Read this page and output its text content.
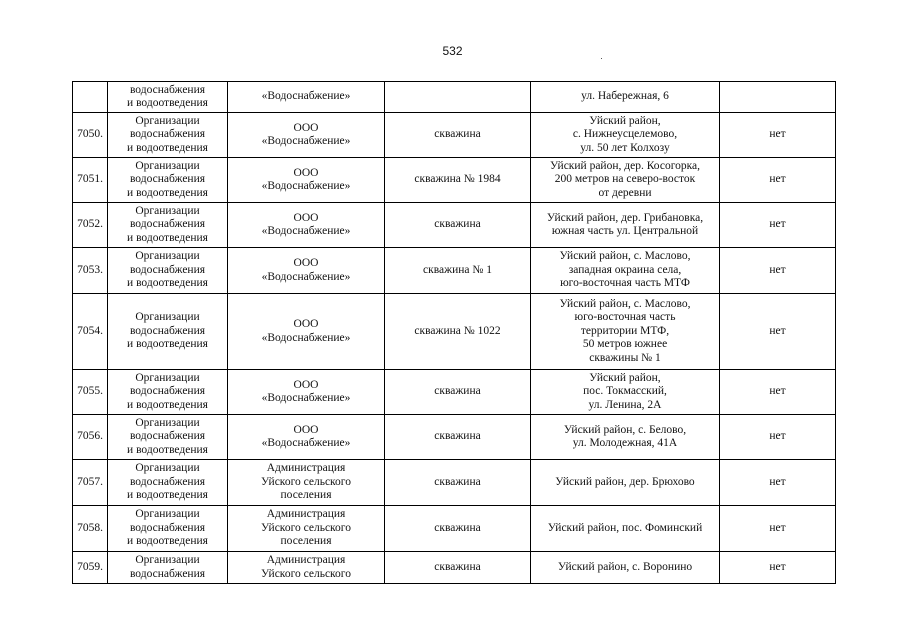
532

	водоснабжения
и водоотведения	«Водоснабжение»		ул. Набережная, 6	

7050.	Организации
водоснабжения
и водоотведения	ООО
«Водоснабжение»	скважина	Уйский район,
с. Нижнеусцелемово,
ул. 50 лет Колхозу	нет
7051.	Организации
водоснабжения
и водоотведения	ООО
«Водоснабжение»	скважина № 1984	Уйский район, дер. Косогорка,
200 метров на северо-восток
от деревни	нет
7052.	Организации
водоснабжения
и водоотведения	ООО
«Водоснабжение»	скважина	Уйский район, дер. Грибановка,
южная часть ул. Центральной	нет
7053.	Организации
водоснабжения
и водоотведения	ООО
«Водоснабжение»	скважина № 1	Уйский район, с. Маслово,
западная окраина села,
юго-восточная часть МТФ	нет
7054.	Организации
водоснабжения
и водоотведения	ООО
«Водоснабжение»	скважина № 1022	Уйский район, с. Маслово,
юго-восточная часть
территории МТФ,
50 метров южнее
скважины № 1	нет
7055.	Организации
водоснабжения
и водоотведения	ООО
«Водоснабжение»	скважина	Уйский район,
пос. Токмасский,
ул. Ленина, 2А	нет
7056.	Организации
водоснабжения
и водоотведения	ООО
«Водоснабжение»	скважина	Уйский район, с. Белово,
ул. Молодежная, 41А	нет
7057.	Организации
водоснабжения
и водоотведения	Администрация
Уйского сельского
поселения	скважина	Уйский район, дер. Брюхово	нет
7058.	Организации
водоснабжения
и водоотведения	Администрация
Уйского сельского
поселения	скважина	Уйский район, пос. Фоминский	нет
7059.	Организации
водоснабжения	Администрация
Уйского сельского	скважина	Уйский район, с. Воронино	нет
